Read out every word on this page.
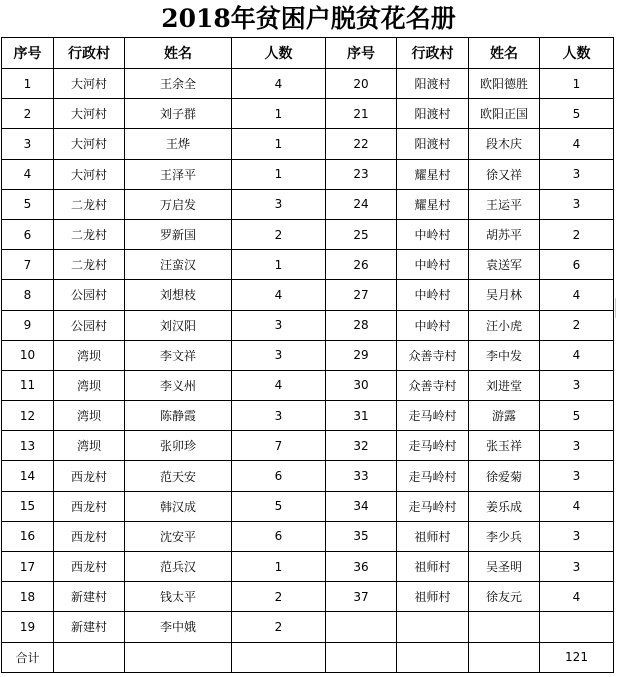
2018年贫困户脱贫花名册
序号	行政村	姓名	人数	序号	行政村	姓名	人数
1	大河村	王余全	4	20	阳渡村	欧阳德胜	1
2	大河村	刘子群	1	21	阳渡村	欧阳正国	5
3	大河村	王烨	1	22	阳渡村	段木庆	4
4	大河村	王泽平	1	23	耀星村	徐又祥	3
5	二龙村	万启发	3	24	耀星村	王运平	3
6	二龙村	罗新国	2	25	中岭村	胡苏平	2
7	二龙村	汪蛮汉	1	26	中岭村	袁送军	6
8	公园村	刘想枝	4	27	中岭村	吴月林	4
9	公园村	刘汉阳	3	28	中岭村	汪小虎	2
10	湾坝	李文祥	3	29	众善寺村	李中发	4
11	湾坝	李义州	4	30	众善寺村	刘进堂	3
12	湾坝	陈静霞	3	31	走马岭村	游露	5
13	湾坝	张卯珍	7	32	走马岭村	张玉祥	3
14	西龙村	范天安	6	33	走马岭村	徐爱菊	3
15	西龙村	韩汉成	5	34	走马岭村	姜乐成	4
16	西龙村	沈安平	6	35	祖师村	李少兵	3
17	西龙村	范兵汉	1	36	祖师村	吴圣明	3
18	新建村	钱太平	2	37	祖师村	徐友元	4
19	新建村	李中娥	2				
合计							121
